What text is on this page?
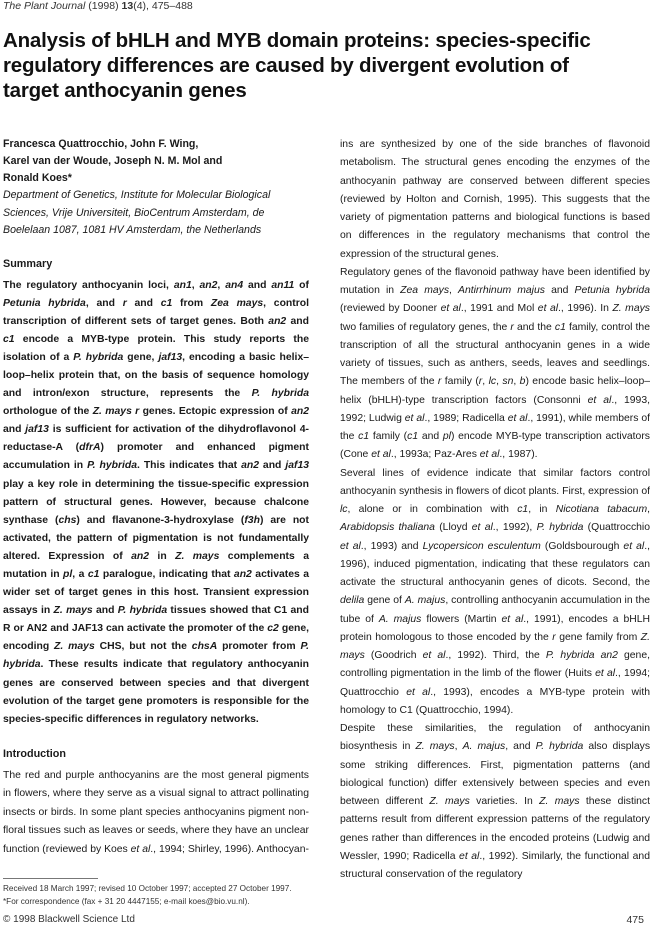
The Plant Journal (1998) 13(4), 475–488
Analysis of bHLH and MYB domain proteins: species-specific regulatory differences are caused by divergent evolution of target anthocyanin genes
Francesca Quattrocchio, John F. Wing,
Karel van der Woude, Joseph N. M. Mol and
Ronald Koes*
Department of Genetics, Institute for Molecular Biological Sciences, Vrije Universiteit, BioCentrum Amsterdam, de Boelelaan 1087, 1081 HV Amsterdam, the Netherlands
Summary

The regulatory anthocyanin loci, an1, an2, an4 and an11 of Petunia hybrida, and r and c1 from Zea mays, control transcription of different sets of target genes. Both an2 and c1 encode a MYB-type protein. This study reports the isolation of a P. hybrida gene, jaf13, encoding a basic helix–loop–helix protein that, on the basis of sequence homology and intron/exon structure, represents the P. hybrida orthologue of the Z. mays r genes. Ectopic expression of an2 and jaf13 is sufficient for activation of the dihydroflavonol 4-reductase-A (dfrA) promoter and enhanced pigment accumulation in P. hybrida. This indicates that an2 and jaf13 play a key role in determining the tissue-specific expression pattern of structural genes. However, because chalcone synthase (chs) and flavanone-3-hydroxylase (f3h) are not activated, the pattern of pigmentation is not fundamentally altered. Expression of an2 in Z. mays complements a mutation in pl, a c1 paralogue, indicating that an2 activates a wider set of target genes in this host. Transient expression assays in Z. mays and P. hybrida tissues showed that C1 and R or AN2 and JAF13 can activate the promoter of the c2 gene, encoding Z. mays CHS, but not the chsA promoter from P. hybrida. These results indicate that regulatory anthocyanin genes are conserved between species and that divergent evolution of the target gene promoters is responsible for the species-specific differences in regulatory networks.

Introduction

The red and purple anthocyanins are the most general pigments in flowers, where they serve as a visual signal to attract pollinating insects or birds. In some plant species anthocyanins pigment non-floral tissues such as leaves or seeds, where they have an unclear function (reviewed by Koes et al., 1994; Shirley, 1996). Anthocyan-

ins are synthesized by one of the side branches of flavonoid metabolism. The structural genes encoding the enzymes of the anthocyanin pathway are conserved between different species (reviewed by Holton and Cornish, 1995). This suggests that the variety of pigmentation patterns and biological functions is based on differences in the regulatory mechanisms that control the expression of the structural genes.

Regulatory genes of the flavonoid pathway have been identified by mutation in Zea mays, Antirrhinum majus and Petunia hybrida (reviewed by Dooner et al., 1991 and Mol et al., 1996). In Z. mays two families of regulatory genes, the r and the c1 family, control the transcription of all the structural anthocyanin genes in a wide variety of tissues, such as anthers, seeds, leaves and seedlings. The members of the r family (r, lc, sn, b) encode basic helix–loop–helix (bHLH)-type transcription factors (Consonni et al., 1993, 1992; Ludwig et al., 1989; Radicella et al., 1991), while members of the c1 family (c1 and pl) encode MYB-type transcription activators (Cone et al., 1993a; Paz-Ares et al., 1987).

Several lines of evidence indicate that similar factors control anthocyanin synthesis in flowers of dicot plants. First, expression of lc, alone or in combination with c1, in Nicotiana tabacum, Arabidopsis thaliana (Lloyd et al., 1992), P. hybrida (Quattrocchio et al., 1993) and Lycopersicon esculentum (Goldsbourough et al., 1996), induced pigmentation, indicating that these regulators can activate the structural anthocyanin genes of dicots. Second, the delila gene of A. majus, controlling anthocyanin accumulation in the tube of A. majus flowers (Martin et al., 1991), encodes a bHLH protein homologous to those encoded by the r gene family from Z. mays (Goodrich et al., 1992). Third, the P. hybrida an2 gene, controlling pigmentation in the limb of the flower (Huits et al., 1994; Quattrocchio et al., 1993), encodes a MYB-type protein with homology to C1 (Quattrocchio, 1994).

Despite these similarities, the regulation of anthocyanin biosynthesis in Z. mays, A. majus, and P. hybrida also displays some striking differences. First, pigmentation patterns (and biological function) differ extensively between species and even between different Z. mays varieties. In Z. mays these distinct patterns result from different expression patterns of the regulatory genes rather than differences in the encoded proteins (Ludwig and Wessler, 1990; Radicella et al., 1992). Similarly, the functional and structural conservation of the regulatory

Received 18 March 1997; revised 10 October 1997; accepted 27 October 1997.
*For correspondence (fax + 31 20 4447155; e-mail koes@bio.vu.nl).
© 1998 Blackwell Science Ltd	475
